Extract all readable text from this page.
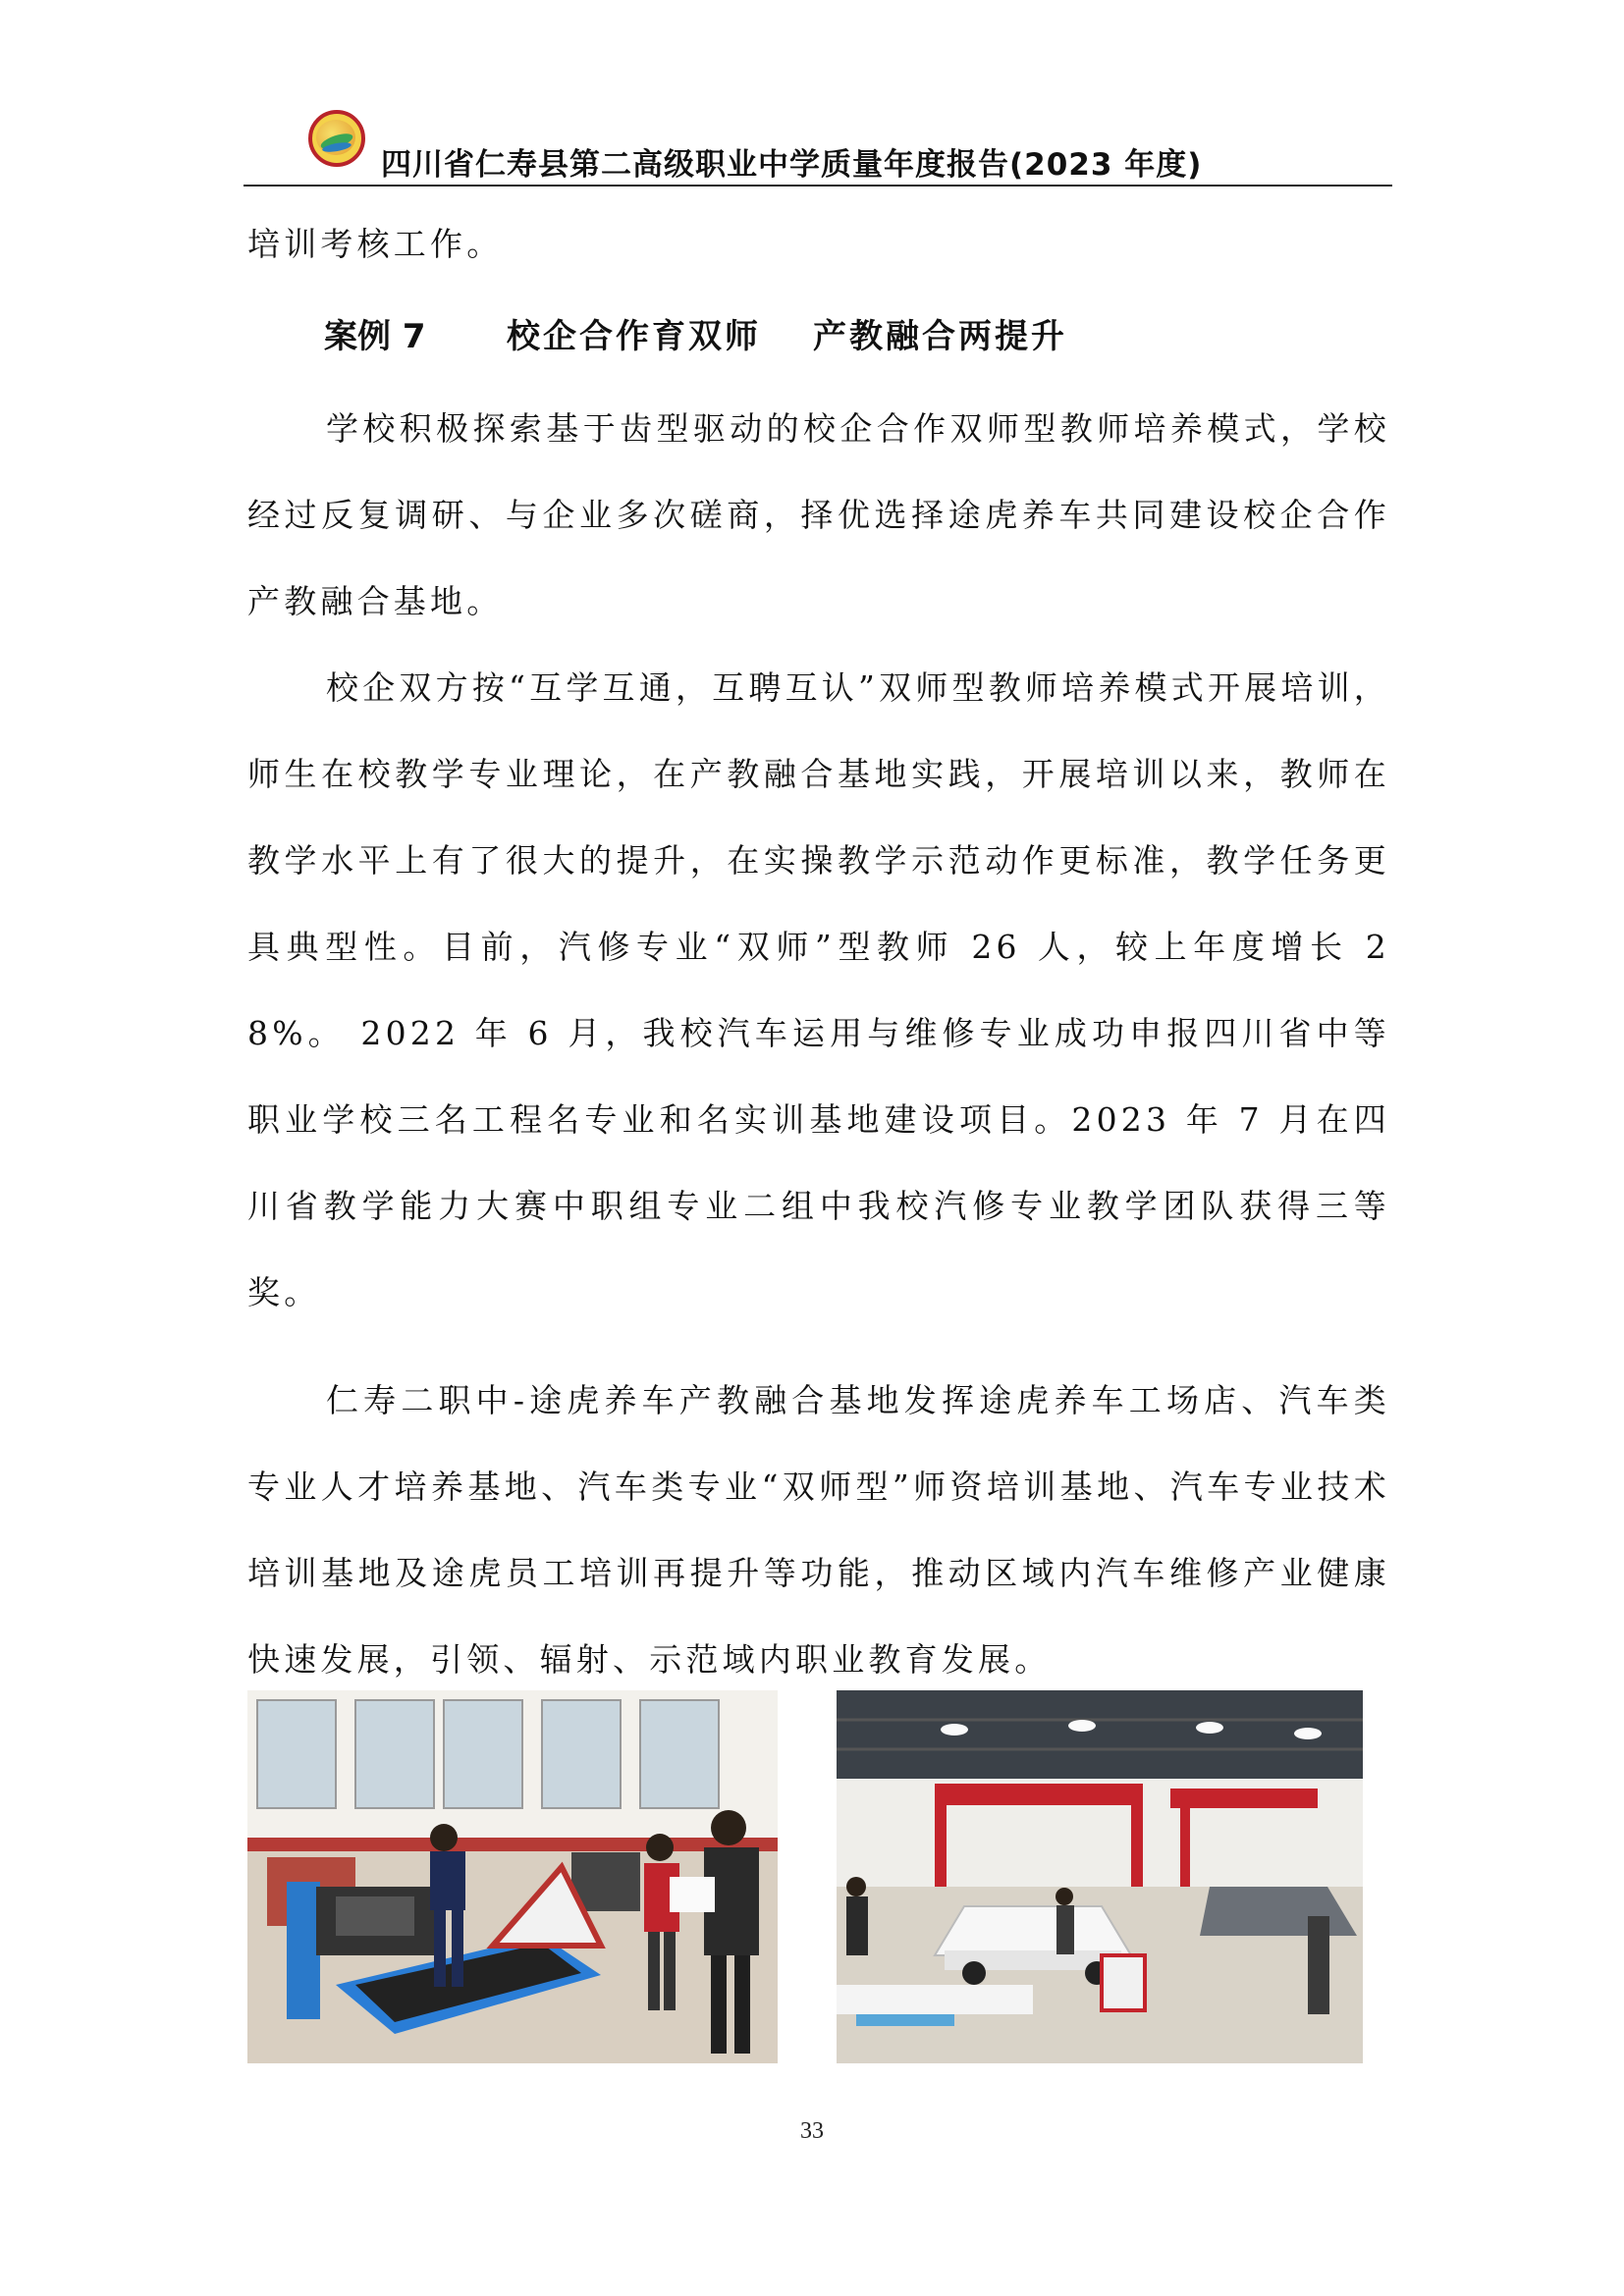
四川省仁寿县第二高级职业中学质量年度报告(2023 年度)

培训考核工作。

案例 7 校企合作育双师 产教融合两提升

学校积极探索基于齿型驱动的校企合作双师型教师培养模式，学校经过反复调研、与企业多次磋商，择优选择途虎养车共同建设校企合作产教融合基地。

校企双方按“互学互通，互聘互认”双师型教师培养模式开展培训，师生在校教学专业理论，在产教融合基地实践，开展培训以来，教师在教学水平上有了很大的提升，在实操教学示范动作更标准，教学任务更具典型性。目前，汽修专业“双师”型教师 26 人，较上年度增长 28%。 2022 年 6 月，我校汽车运用与维修专业成功申报四川省中等职业学校三名工程名专业和名实训基地建设项目。2023 年 7 月在四川省教学能力大赛中职组专业二组中我校汽修专业教学团队获得三等奖。

仁寿二职中-途虎养车产教融合基地发挥途虎养车工场店、汽车类专业人才培养基地、汽车类专业“双师型”师资培训基地、汽车专业技术培训基地及途虎员工培训再提升等功能，推动区域内汽车维修产业健康快速发展，引领、辐射、示范域内职业教育发展。

33
